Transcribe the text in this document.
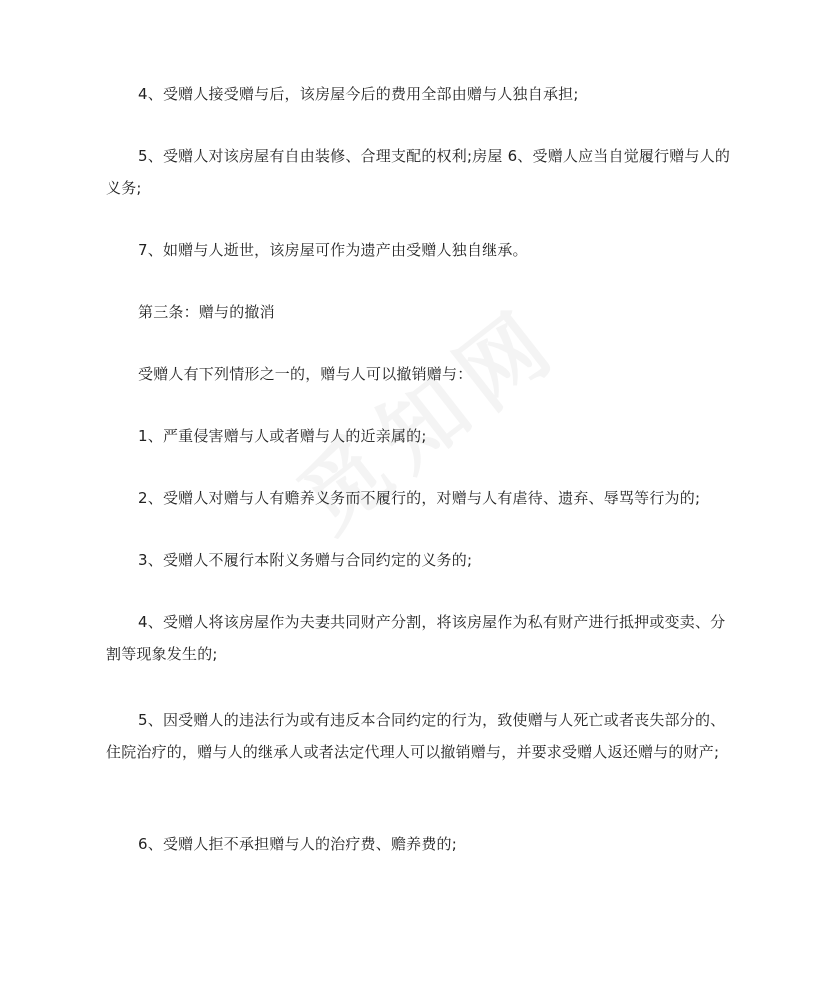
4、受赠人接受赠与后，该房屋今后的费用全部由赠与人独自承担;

5、受赠人对该房屋有自由装修、合理支配的权利;房屋 6、受赠人应当自觉履行赠与人的义务;

7、如赠与人逝世，该房屋可作为遗产由受赠人独自继承。

第三条：赠与的撤消

受赠人有下列情形之一的，赠与人可以撤销赠与：

1、严重侵害赠与人或者赠与人的近亲属的;

2、受赠人对赠与人有赡养义务而不履行的，对赠与人有虐待、遗弃、辱骂等行为的;

3、受赠人不履行本附义务赠与合同约定的义务的;

4、受赠人将该房屋作为夫妻共同财产分割，将该房屋作为私有财产进行抵押或变卖、分割等现象发生的;

5、因受赠人的违法行为或有违反本合同约定的行为，致使赠与人死亡或者丧失部分的、住院治疗的，赠与人的继承人或者法定代理人可以撤销赠与，并要求受赠人返还赠与的财产;

6、受赠人拒不承担赠与人的治疗费、赡养费的;
